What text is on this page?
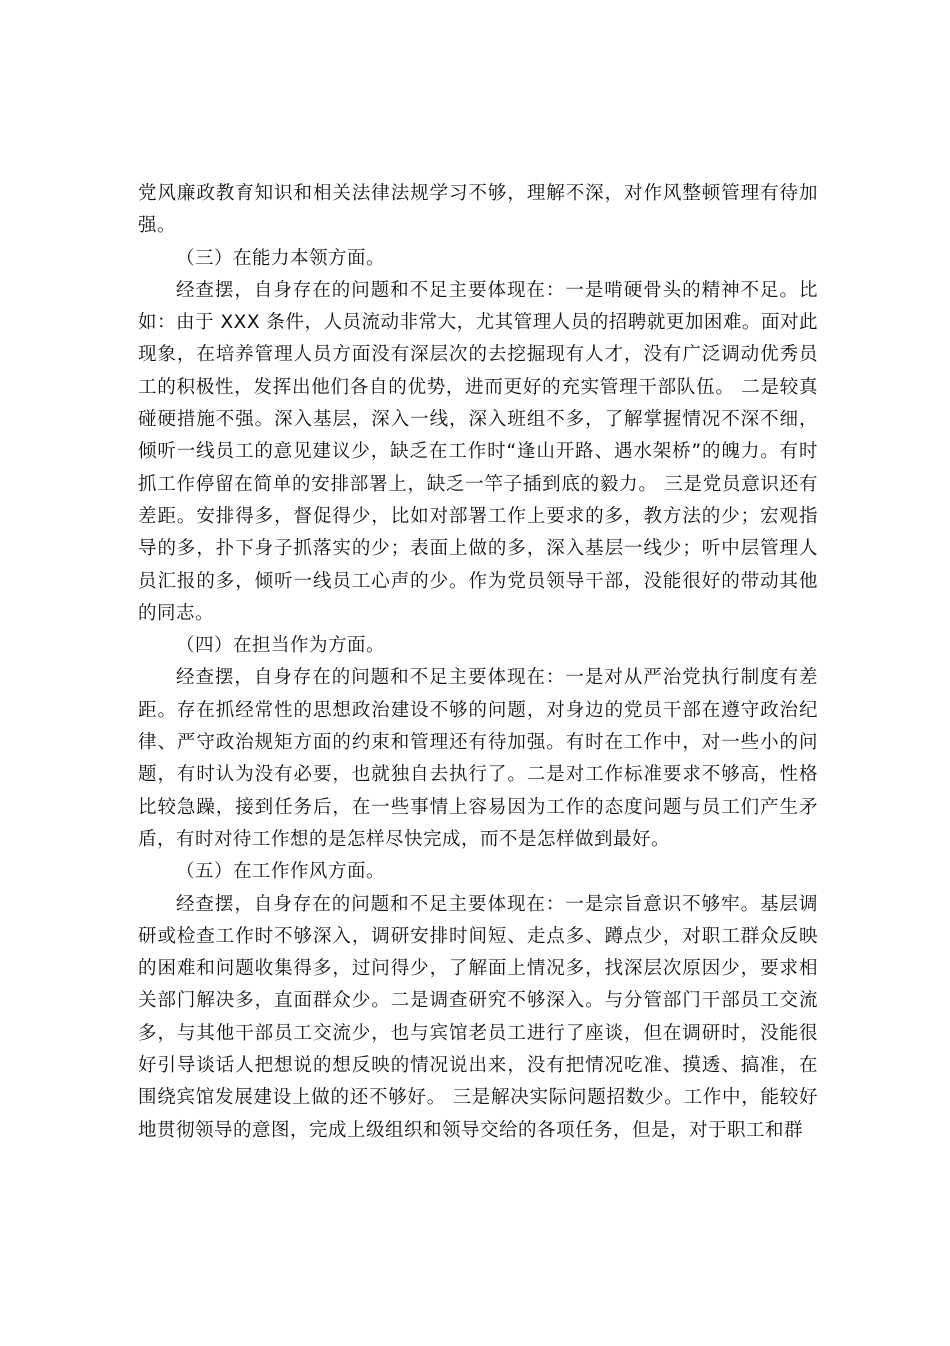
党风廉政教育知识和相关法律法规学习不够，理解不深，对作风整顿管理有待加强。

（三）在能力本领方面。

经查摆，自身存在的问题和不足主要体现在：一是啃硬骨头的精神不足。比如：由于 XXX 条件，人员流动非常大，尤其管理人员的招聘就更加困难。面对此现象，在培养管理人员方面没有深层次的去挖掘现有人才，没有广泛调动优秀员工的积极性，发挥出他们各自的优势，进而更好的充实管理干部队伍。 二是较真碰硬措施不强。深入基层，深入一线，深入班组不多，了解掌握情况不深不细，倾听一线员工的意见建议少，缺乏在工作时“逢山开路、遇水架桥”的魄力。有时抓工作停留在简单的安排部署上，缺乏一竿子插到底的毅力。 三是党员意识还有差距。安排得多，督促得少，比如对部署工作上要求的多，教方法的少；宏观指导的多，扑下身子抓落实的少；表面上做的多，深入基层一线少；听中层管理人员汇报的多，倾听一线员工心声的少。作为党员领导干部，没能很好的带动其他的同志。

（四）在担当作为方面。

经查摆，自身存在的问题和不足主要体现在：一是对从严治党执行制度有差距。存在抓经常性的思想政治建设不够的问题，对身边的党员干部在遵守政治纪律、严守政治规矩方面的约束和管理还有待加强。有时在工作中，对一些小的问题，有时认为没有必要，也就独自去执行了。二是对工作标准要求不够高，性格比较急躁，接到任务后，在一些事情上容易因为工作的态度问题与员工们产生矛盾，有时对待工作想的是怎样尽快完成，而不是怎样做到最好。

（五）在工作作风方面。

经查摆，自身存在的问题和不足主要体现在：一是宗旨意识不够牢。基层调研或检查工作时不够深入，调研安排时间短、走点多、蹲点少，对职工群众反映的困难和问题收集得多，过问得少，了解面上情况多，找深层次原因少，要求相关部门解决多，直面群众少。二是调查研究不够深入。与分管部门干部员工交流多，与其他干部员工交流少，也与宾馆老员工进行了座谈，但在调研时，没能很好引导谈话人把想说的想反映的情况说出来，没有把情况吃准、摸透、搞准，在围绕宾馆发展建设上做的还不够好。 三是解决实际问题招数少。工作中，能较好地贯彻领导的意图，完成上级组织和领导交给的各项任务，但是，对于职工和群
